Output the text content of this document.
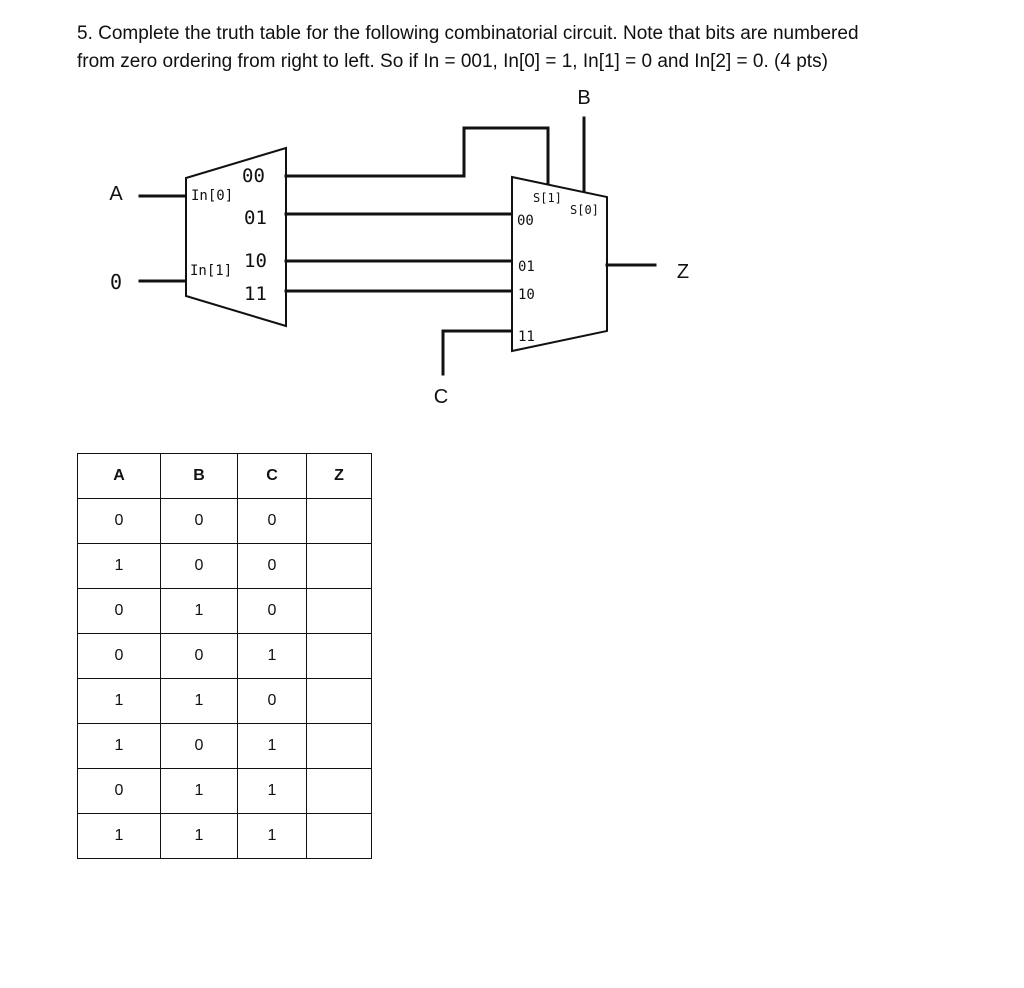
5. Complete the truth table for the following combinatorial circuit. Note that bits are numbered
from zero ordering from right to left. So if In = 001, In[0] = 1, In[1] = 0 and In[2] = 0. (4 pts)

A
0
In[0]
In[1]
00
01
10
11
B
C
S[1]
S[0]
00
01
10
11
Z
A	B	C	Z
0	0	0	
1	0	0	
0	1	0	
0	0	1	
1	1	0	
1	0	1	
0	1	1	
1	1	1	
